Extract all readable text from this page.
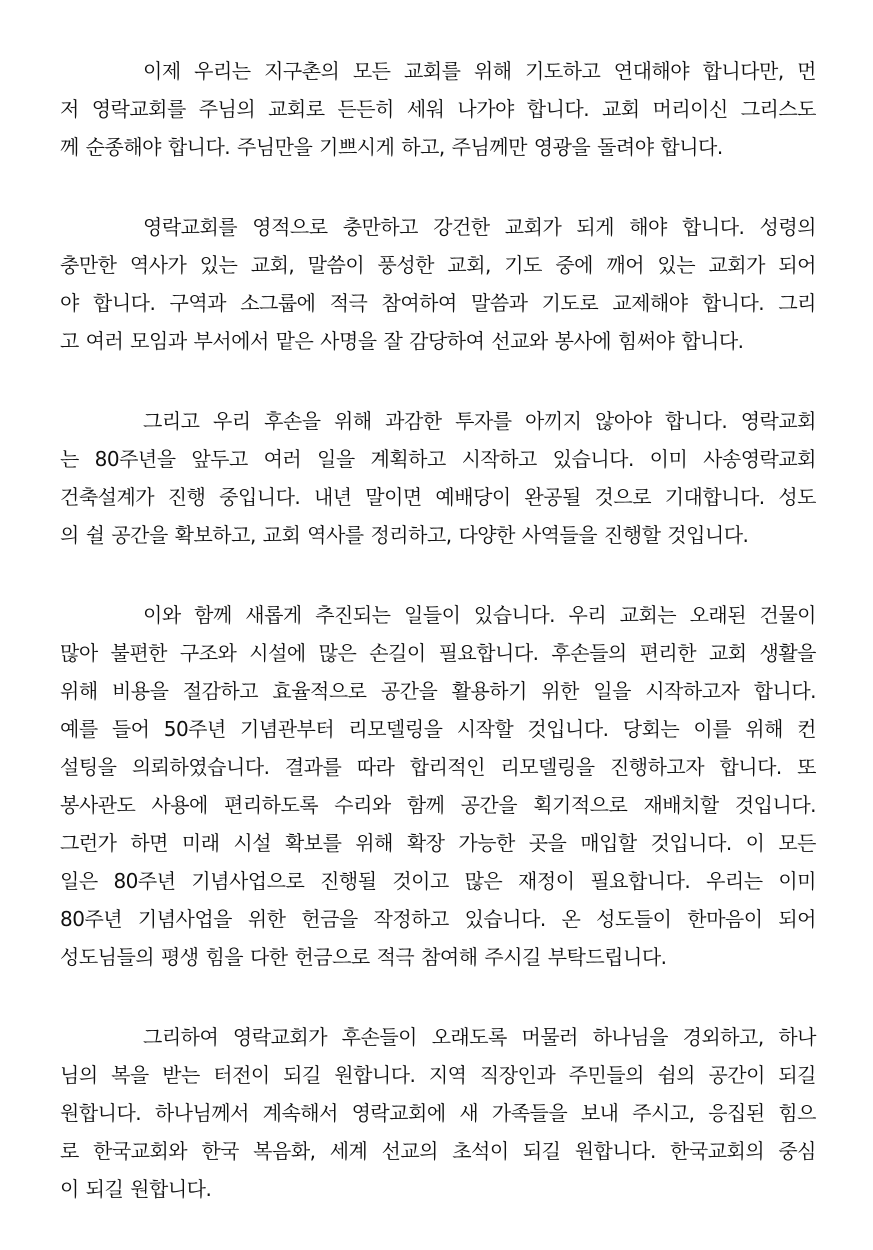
이제 우리는 지구촌의 모든 교회를 위해 기도하고 연대해야 합니다만, 먼
저 영락교회를 주님의 교회로 든든히 세워 나가야 합니다. 교회 머리이신 그리스도
께 순종해야 합니다. 주님만을 기쁘시게 하고, 주님께만 영광을 돌려야 합니다.
영락교회를 영적으로 충만하고 강건한 교회가 되게 해야 합니다. 성령의
충만한 역사가 있는 교회, 말씀이 풍성한 교회, 기도 중에 깨어 있는 교회가 되어
야 합니다. 구역과 소그룹에 적극 참여하여 말씀과 기도로 교제해야 합니다. 그리
고 여러 모임과 부서에서 맡은 사명을 잘 감당하여 선교와 봉사에 힘써야 합니다.
그리고 우리 후손을 위해 과감한 투자를 아끼지 않아야 합니다. 영락교회
는 80주년을 앞두고 여러 일을 계획하고 시작하고 있습니다. 이미 사송영락교회
건축설계가 진행 중입니다. 내년 말이면 예배당이 완공될 것으로 기대합니다. 성도
의 쉴 공간을 확보하고, 교회 역사를 정리하고, 다양한 사역들을 진행할 것입니다.
이와 함께 새롭게 추진되는 일들이 있습니다. 우리 교회는 오래된 건물이
많아 불편한 구조와 시설에 많은 손길이 필요합니다. 후손들의 편리한 교회 생활을
위해 비용을 절감하고 효율적으로 공간을 활용하기 위한 일을 시작하고자 합니다.
예를 들어 50주년 기념관부터 리모델링을 시작할 것입니다. 당회는 이를 위해 컨
설팅을 의뢰하였습니다. 결과를 따라 합리적인 리모델링을 진행하고자 합니다. 또
봉사관도 사용에 편리하도록 수리와 함께 공간을 획기적으로 재배치할 것입니다.
그런가 하면 미래 시설 확보를 위해 확장 가능한 곳을 매입할 것입니다. 이 모든
일은 80주년 기념사업으로 진행될 것이고 많은 재정이 필요합니다. 우리는 이미
80주년 기념사업을 위한 헌금을 작정하고 있습니다. 온 성도들이 한마음이 되어
성도님들의 평생 힘을 다한 헌금으로 적극 참여해 주시길 부탁드립니다.
그리하여 영락교회가 후손들이 오래도록 머물러 하나님을 경외하고, 하나
님의 복을 받는 터전이 되길 원합니다. 지역 직장인과 주민들의 쉼의 공간이 되길
원합니다. 하나님께서 계속해서 영락교회에 새 가족들을 보내 주시고, 응집된 힘으
로 한국교회와 한국 복음화, 세계 선교의 초석이 되길 원합니다. 한국교회의 중심
이 되길 원합니다.
